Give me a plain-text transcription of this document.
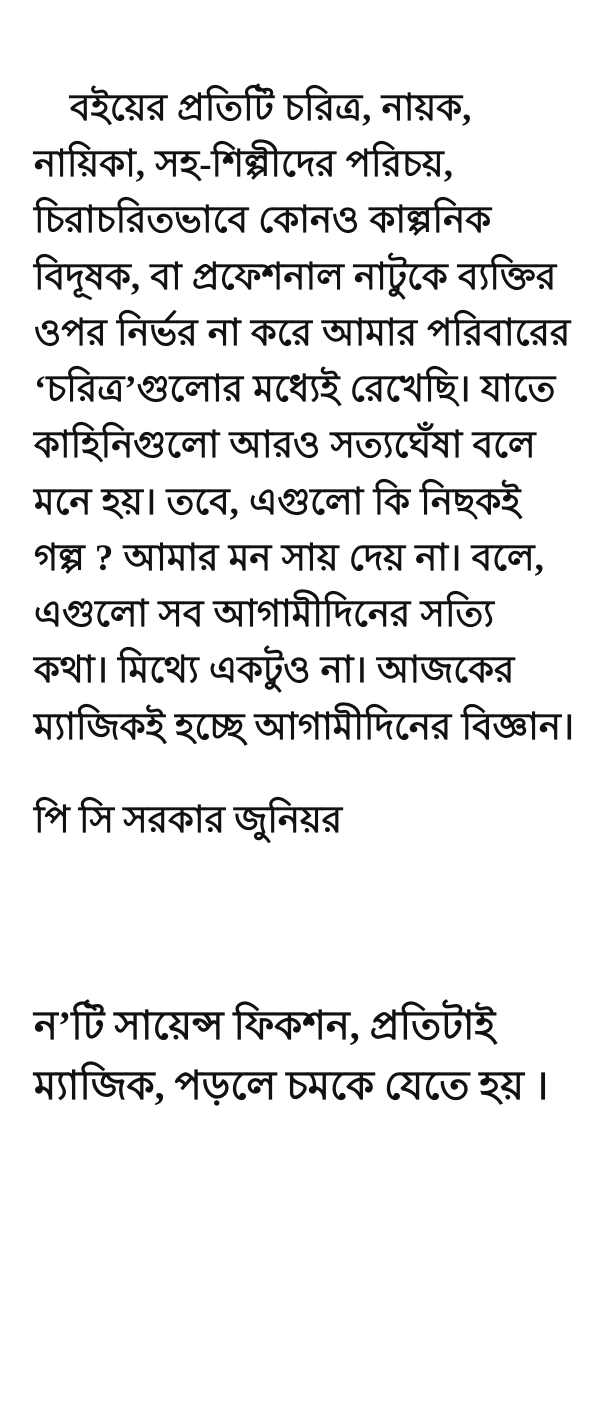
বইয়ের প্রতিটি চরিত্র, নায়ক, নায়িকা, সহ-শিল্পীদের পরিচয়, চিরাচরিতভাবে কোনও কাল্পনিক বিদূষক, বা প্রফেশনাল নাটুকে ব্যক্তির ওপর নির্ভর না করে আমার পরিবারের ‘চরিত্র’গুলোর মধ্যেই রেখেছি। যাতে কাহিনিগুলো আরও সত্যঘেঁষা বলে মনে হয়। তবে, এগুলো কি নিছকই গল্প ? আমার মন সায় দেয় না। বলে, এগুলো সব আগামীদিনের সত্যি কথা। মিথ্যে একটুও না। আজকের ম্যাজিকই হচ্ছে আগামীদিনের বিজ্ঞান।

পি সি সরকার জুনিয়র

ন’টি সায়েন্স ফিকশন, প্রতিটাই ম্যাজিক, পড়লে চমকে যেতে হয় ।
